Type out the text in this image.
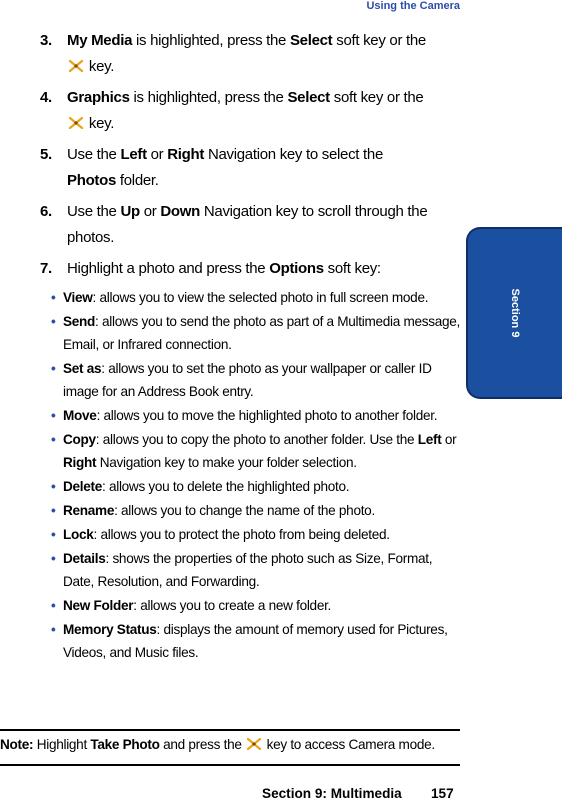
Using the Camera
Section 9
3. My Media is highlighted, press the Select soft key or the
key.
4. Graphics is highlighted, press the Select soft key or the
key.
5. Use the Left or Right Navigation key to select the
Photos folder.
6. Use the Up or Down Navigation key to scroll through the photos.
7. Highlight a photo and press the Options soft key:
• View: allows you to view the selected photo in full screen mode.
• Send: allows you to send the photo as part of a Multimedia message, Email, or Infrared connection.
• Set as: allows you to set the photo as your wallpaper or caller ID image for an Address Book entry.
• Move: allows you to move the highlighted photo to another folder.
• Copy: allows you to copy the photo to another folder. Use the Left or Right Navigation key to make your folder selection.
• Delete: allows you to delete the highlighted photo.
• Rename: allows you to change the name of the photo.
• Lock: allows you to protect the photo from being deleted.
• Details: shows the properties of the photo such as Size, Format, Date, Resolution, and Forwarding.
• New Folder: allows you to create a new folder.
• Memory Status: displays the amount of memory used for Pictures, Videos, and Music files.
Note: Highlight Take Photo and press the  key to access Camera mode.
Section 9: Multimedia 157
